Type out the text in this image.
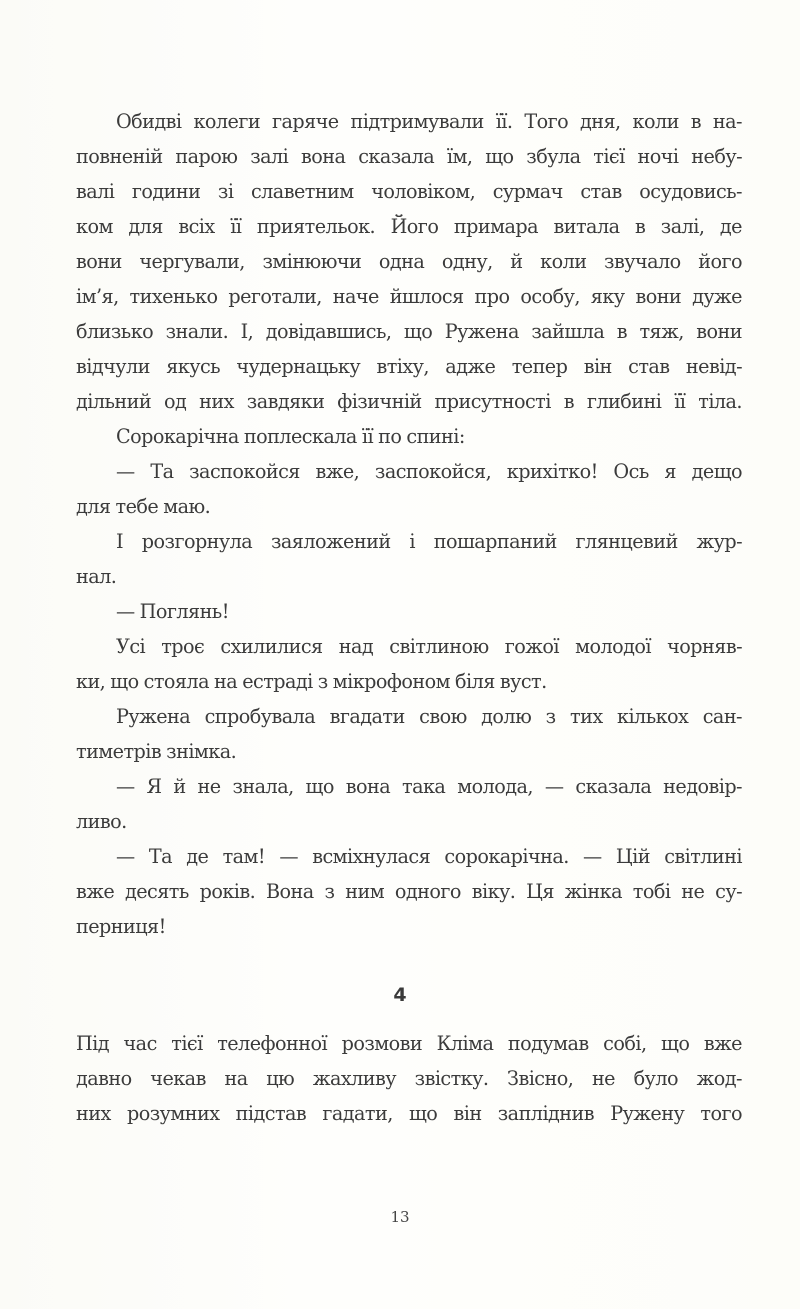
Обидві колеги гаряче підтримували її. Того дня, коли в на-
повненій парою залі вона сказала їм, що збула тієї ночі небу-
валі години зі славетним чоловіком, сурмач став осудовись-
ком для всіх її приятельок. Його примара витала в залі, де
вони чергували, змінюючи одна одну, й коли звучало його
ім’я, тихенько реготали, наче йшлося про особу, яку вони дуже
близько знали. І, довідавшись, що Ружена зайшла в тяж, вони
відчули якусь чудернацьку втіху, адже тепер він став невід-
дільний од них завдяки фізичній присутності в глибині її тіла.
Сорокарічна поплескала її по спині:
— Та заспокойся вже, заспокойся, крихітко! Ось я дещо
для тебе маю.
І розгорнула заяложений і пошарпаний глянцевий жур-
нал.
— Поглянь!
Усі троє схилилися над світлиною гожої молодої чорняв-
ки, що стояла на естраді з мікрофоном біля вуст.
Ружена спробувала вгадати свою долю з тих кількох сан-
тиметрів знімка.
— Я й не знала, що вона така молода, — сказала недовір-
ливо.
— Та де там! — всміхнулася сорокарічна. — Цій світлині
вже десять років. Вона з ним одного віку. Ця жінка тобі не су-
перниця!
4
Під час тієї телефонної розмови Кліма подумав собі, що вже
давно чекав на цю жахливу звістку. Звісно, не було жод-
них розумних підстав гадати, що він запліднив Ружену того
13
